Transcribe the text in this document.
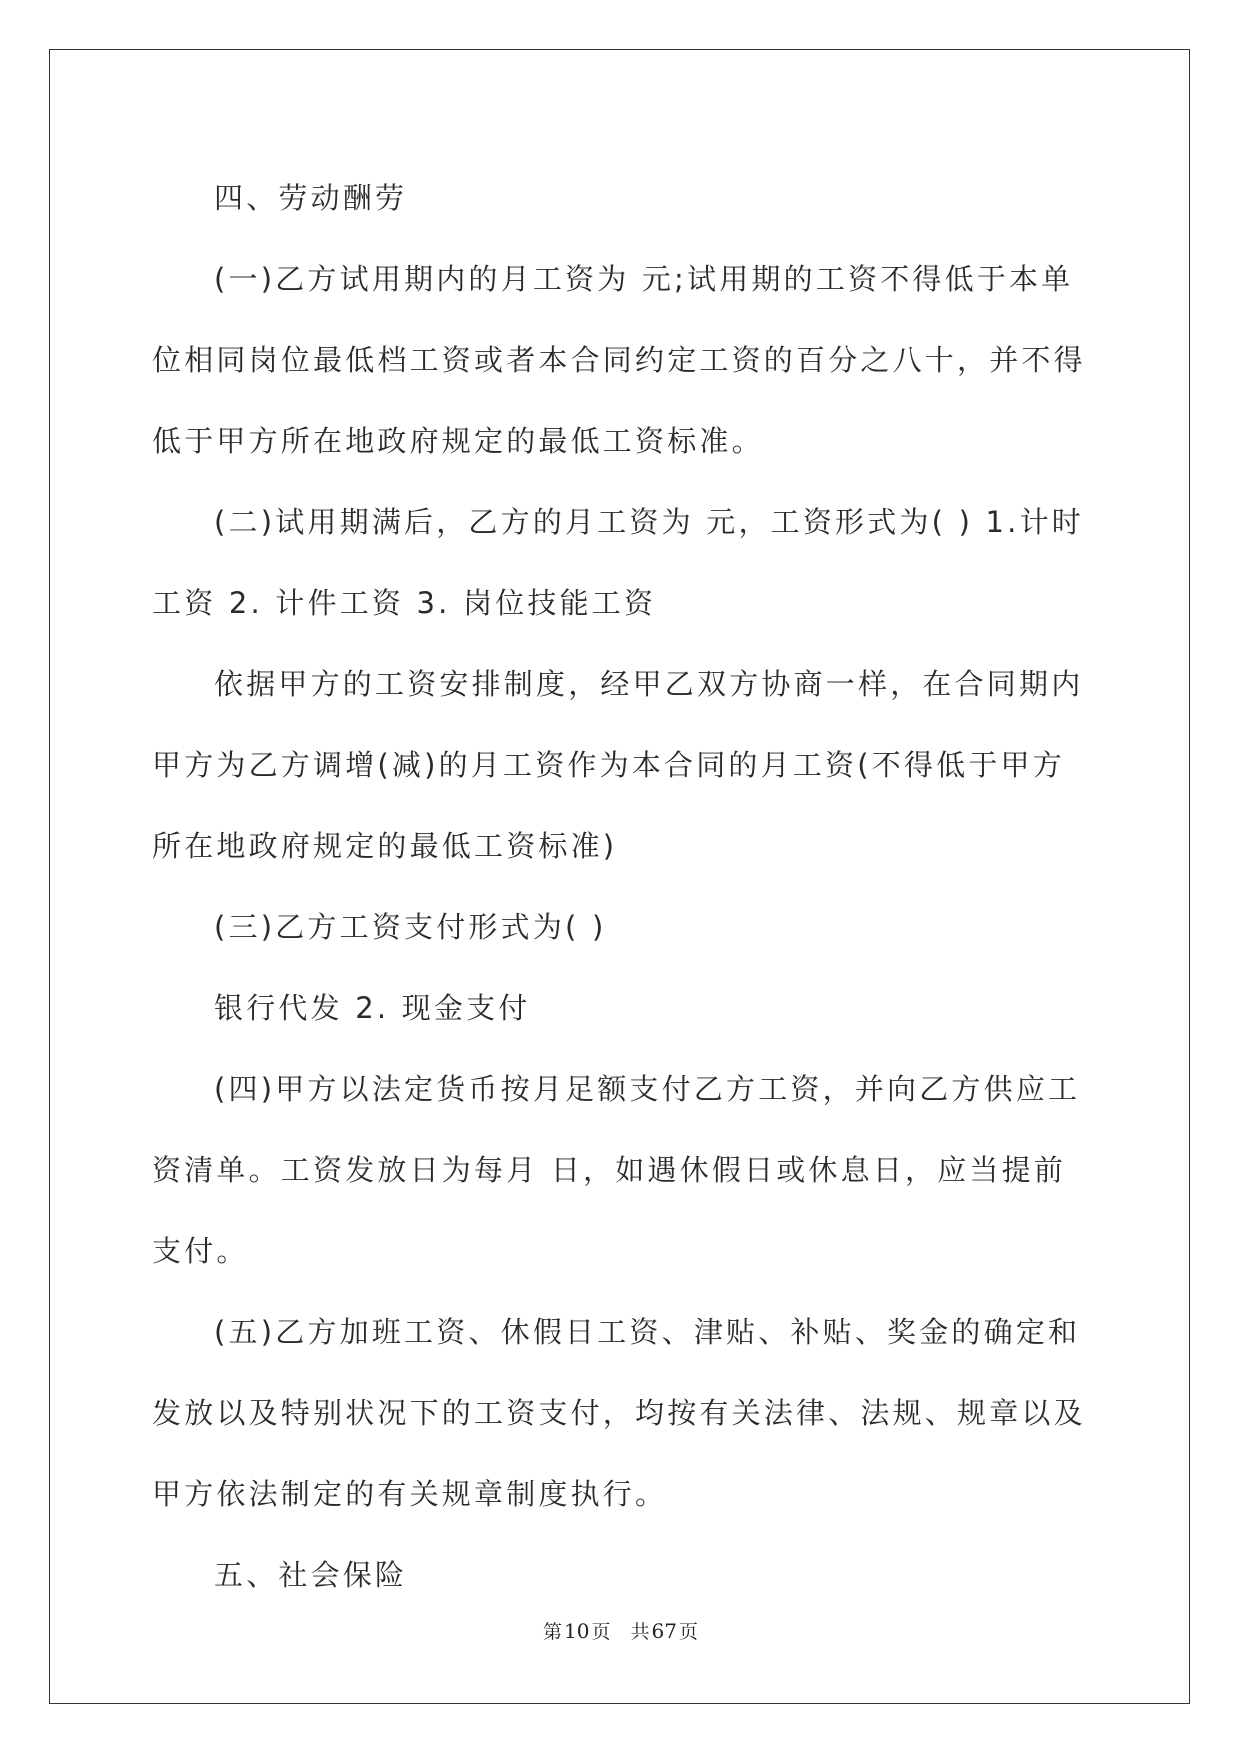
四、劳动酬劳

(一)乙方试用期内的月工资为 元;试用期的工资不得低于本单位相同岗位最低档工资或者本合同约定工资的百分之八十，并不得低于甲方所在地政府规定的最低工资标准。

(二)试用期满后，乙方的月工资为 元，工资形式为( ) 1.计时工资 2. 计件工资 3. 岗位技能工资

依据甲方的工资安排制度，经甲乙双方协商一样，在合同期内甲方为乙方调增(减)的月工资作为本合同的月工资(不得低于甲方所在地政府规定的最低工资标准)

(三)乙方工资支付形式为( )

银行代发 2. 现金支付

(四)甲方以法定货币按月足额支付乙方工资，并向乙方供应工资清单。工资发放日为每月 日，如遇休假日或休息日，应当提前支付。

(五)乙方加班工资、休假日工资、津贴、补贴、奖金的确定和发放以及特别状况下的工资支付，均按有关法律、法规、规章以及甲方依法制定的有关规章制度执行。

五、社会保险

第 10 页 共 67 页
